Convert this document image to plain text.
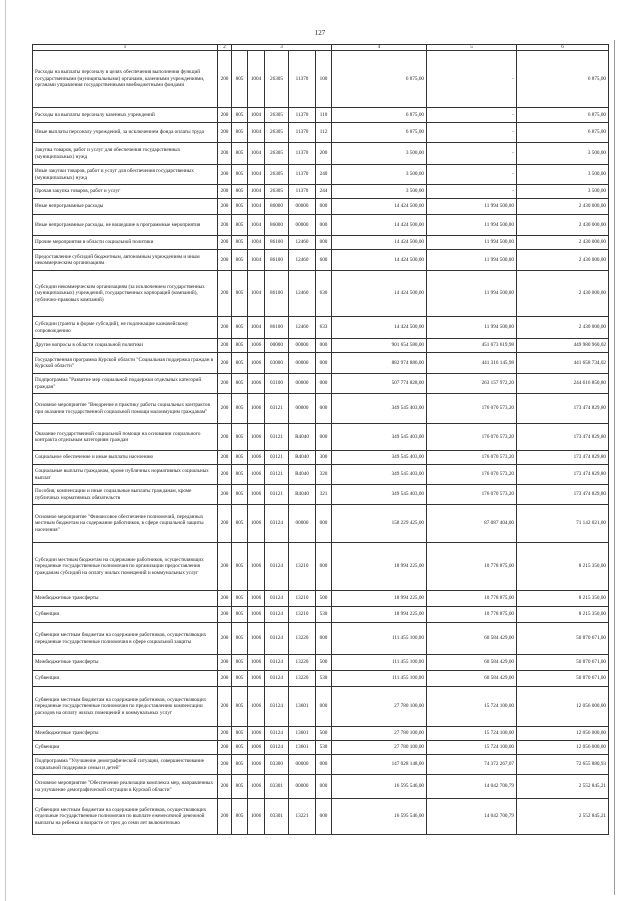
127
1	2	3					4	5	6
Расходы на выплаты персоналу в целях обеспечения выполнения функций государственными (муниципальными) органами, казенными учреждениями, органами управления государственными внебюджетными фондами	200	805	1004	26305	11370	100	6 875,00	-	6 875,00
Расходы на выплаты персоналу казенных учреждений	200	805	1004	26305	11370	110	6 875,00	-	6 875,00
Иные выплаты персоналу учреждений, за исключением фонда оплаты труда	200	805	1004	26305	11370	112	6 875,00	-	6 875,00
Закупка товаров, работ и услуг для обеспечения государственных (муниципальных) нужд	200	805	1004	26305	11370	200	3 500,00	-	3 500,00
Иные закупки товаров, работ и услуг для обеспечения государственных (муниципальных) нужд	200	805	1004	26305	11370	240	3 500,00	-	3 500,00
Прочая закупка товаров, работ и услуг	200	805	1004	26305	11370	244	3 500,00	-	3 500,00
Иные непрограммные расходы	200	805	1004	86000	00000	000	14 424 500,00	11 994 500,00	2 430 000,00
Иные непрограммные расходы, не вошедшие в программные мероприятия	200	805	1004	86000	00000	000	14 424 500,00	11 994 500,00	2 430 000,00
Прочие мероприятия в области социальной политики	200	805	1004	86100	12460	000	14 424 500,00	11 994 500,00	2 430 000,00
Предоставление субсидий бюджетным, автономным учреждениям и иным некоммерческим организациям	200	805	1004	86100	12460	600	14 424 500,00	11 994 500,00	2 430 000,00
Субсидии некоммерческим организациям (за исключением государственных (муниципальных) учреждений, государственных корпораций (компаний), публично-правовых компаний)	200	805	1004	86100	12460	630	14 424 500,00	11 994 500,00	2 430 000,00
Субсидии (гранты в форме субсидий), не подлежащие казначейскому сопровождению	200	805	1004	86100	12460	633	14 424 500,00	11 994 500,00	2 430 000,00
Другие вопросы в области социальной политики	200	805	1006	00000	00000	000	901 654 580,00	451 673 619,98	449 980 960,02
Государственная программа Курской области "Социальная поддержка граждан в Курской области"	200	805	1006	03000	00000	000	882 974 886,00	441 316 145,98	441 658 734,02
Подпрограмма "Развитие мер социальной поддержки отдельных категорий граждан"	200	805	1006	03100	00000	000	507 774 828,00	263 157 972,20	244 616 850,80
Основное мероприятие "Внедрение в практику работы социальных контрактов при оказании государственной социальной помощи малоимущим гражданам"	200	805	1006	03121	00000	000	349 545 403,00	176 070 573,20	173 474 829,80
Оказание государственной социальной помощи на основании социального контракта отдельным категориям граждан	200	805	1006	03121	R4040	000	349 545 403,00	176 070 573,20	173 474 829,80
Социальное обеспечение и иные выплаты населению	200	805	1006	03121	R4040	300	349 545 403,00	176 070 573,20	173 474 829,80
Социальные выплаты гражданам, кроме публичных нормативных социальных выплат	200	805	1006	03121	R4040	320	349 545 403,00	176 070 573,20	173 474 829,80
Пособия, компенсации и иные социальные выплаты гражданам, кроме публичных нормативных обязательств	200	805	1006	03121	R4040	321	349 545 403,00	176 070 573,20	173 474 829,80
Основное мероприятие "Финансовое обеспечение полномочий, переданных местным бюджетам на содержание работников, в сфере социальной защиты населения"	200	805	1006	03124	00000	000	158 229 425,00	87 087 404,00	71 142 021,00
Субсидии местным бюджетам на содержание работников, осуществляющих переданные государственные полномочия по организации предоставления гражданам субсидий на оплату жилых помещений и коммунальных услуг	200	805	1006	03124	13210	000	18 994 225,00	10 778 875,00	8 215 350,00
Межбюджетные трансферты	200	805	1006	03124	13210	500	18 994 225,00	10 778 875,00	8 215 350,00
Субвенции	200	805	1006	03124	13210	530	18 994 225,00	10 778 875,00	8 215 350,00
Субвенции местным бюджетам на содержание работников, осуществляющих переданные государственные полномочия в сфере социальной защиты	200	805	1006	03124	13220	000	111 455 100,00	60 584 429,00	50 870 671,00
Межбюджетные трансферты	200	805	1006	03124	13220	500	111 455 100,00	60 584 429,00	50 870 671,00
Субвенции	200	805	1006	03124	13220	530	111 455 100,00	60 584 429,00	50 870 671,00
Субвенции местным бюджетам на содержание работников, осуществляющих переданные государственные полномочия по предоставлению компенсации расходов на оплату жилых помещений и коммунальных услуг	200	805	1006	03124	13601	000	27 780 100,00	15 724 100,00	12 056 000,00
Межбюджетные трансферты	200	805	1006	03124	13601	500	27 780 100,00	15 724 100,00	12 056 000,00
Субвенции	200	805	1006	03124	13601	530	27 780 100,00	15 724 100,00	12 056 000,00
Подпрограмма "Улучшение демографической ситуации, совершенствование социальной поддержки семьи и детей"	200	805	1006	03300	00000	000	147 028 148,00	74 372 267,07	72 655 880,93
Основное мероприятие "Обеспечение реализации комплекса мер, направленных на улучшение демографической ситуации в Курской области"	200	805	1006	03301	00000	000	16 595 546,00	14 042 700,79	2 552 845,21
Субвенции местным бюджетам на содержание работников, осуществляющих отдельные государственные полномочия по выплате ежемесячной денежной выплаты на ребенка в возрасте от трех до семи лет включительно	200	805	1006	03301	13221	000	16 595 546,00	14 042 700,79	2 552 845,21
